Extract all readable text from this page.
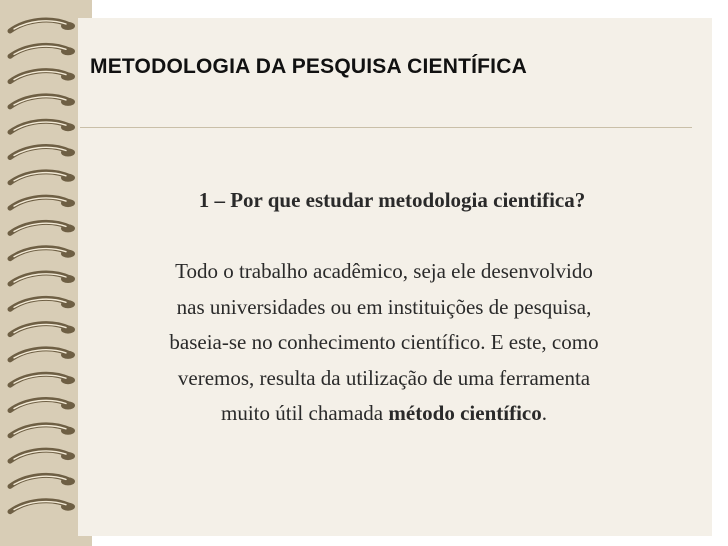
METODOLOGIA DA PESQUISA CIENTÍFICA
1 – Por que estudar metodologia cientifica?
Todo o trabalho acadêmico, seja ele desenvolvido
nas universidades ou em instituições de pesquisa,
baseia-se no conhecimento científico. E este, como
veremos, resulta da utilização de uma ferramenta
muito útil chamada método científico.
